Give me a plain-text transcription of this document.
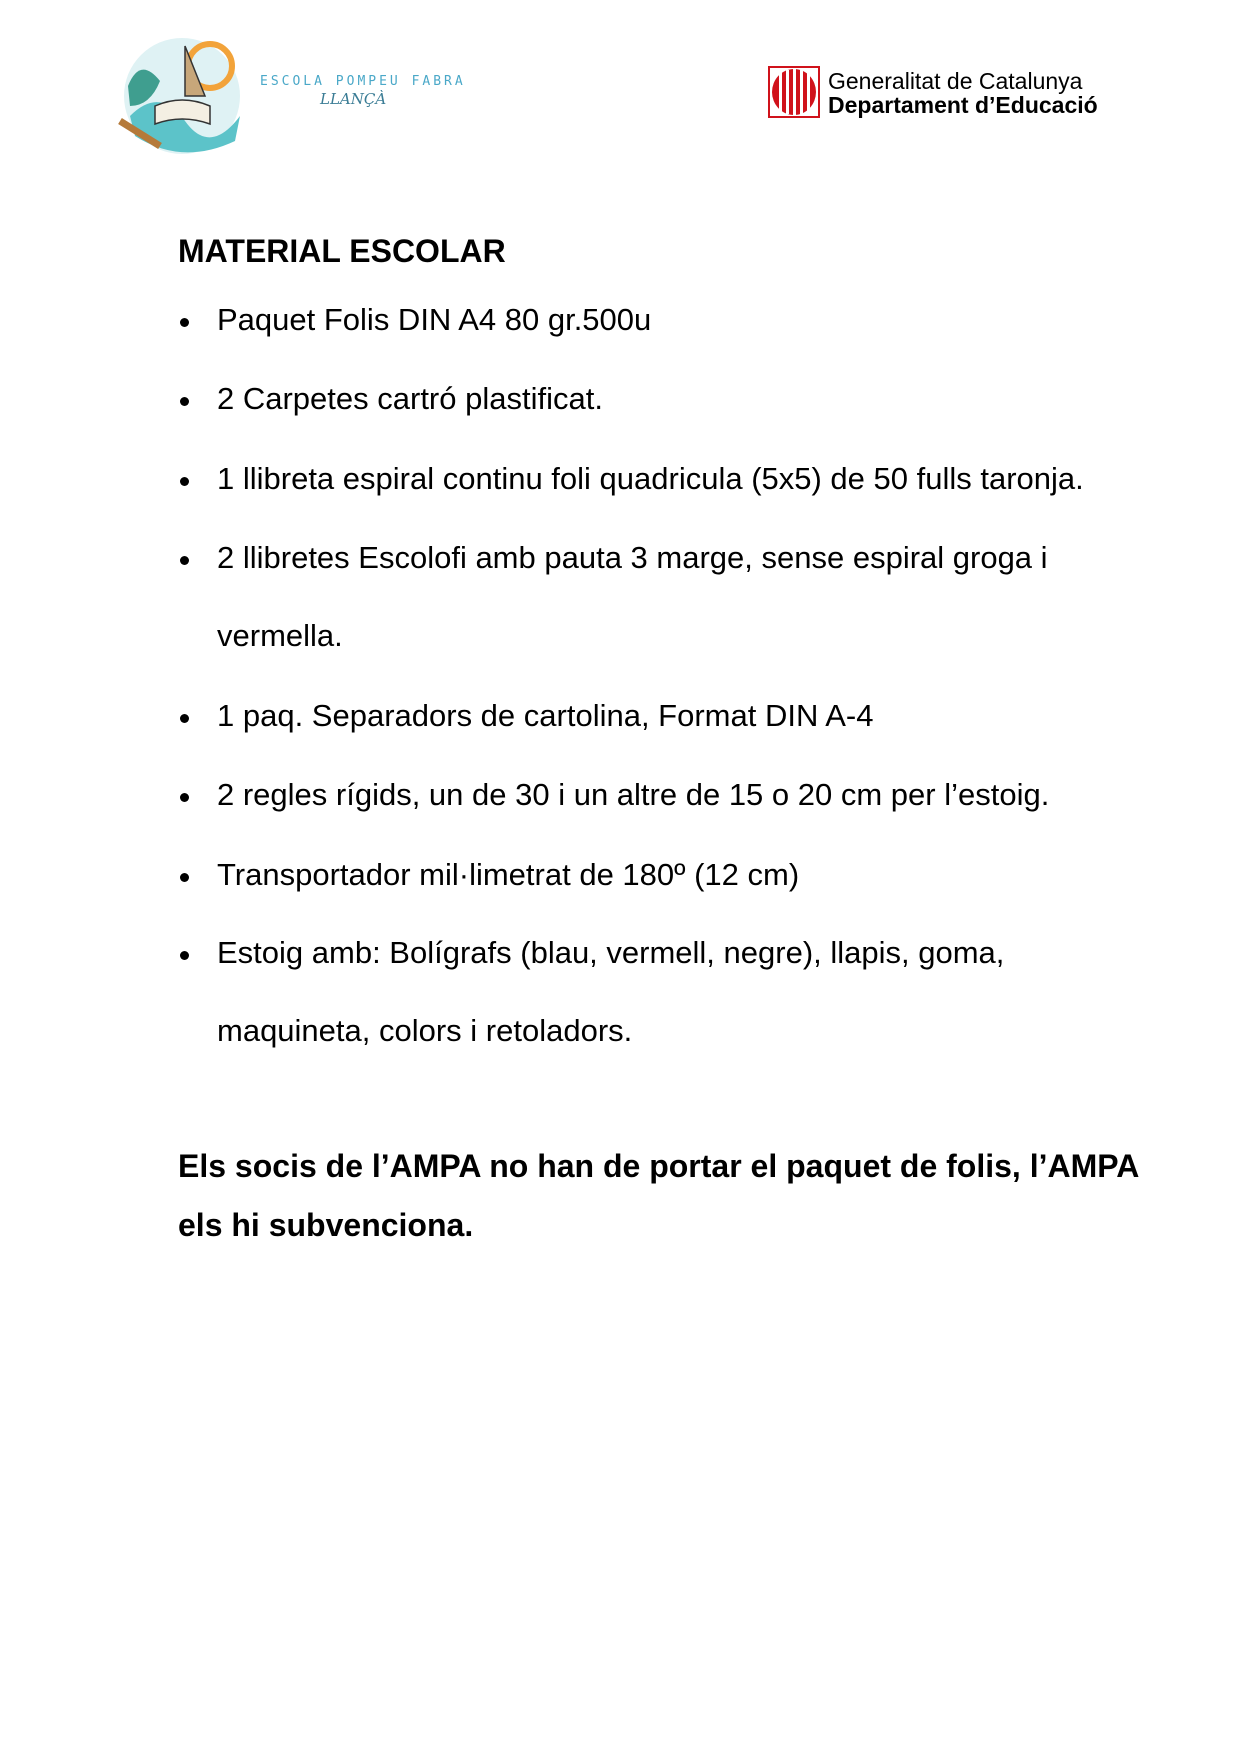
ESCOLA POMPEU FABRA
LLANÇÀ
Generalitat de Catalunya
Departament d’Educació
MATERIAL ESCOLAR
Paquet Folis DIN A4 80 gr.500u
2 Carpetes cartró plastificat.
1 llibreta espiral continu foli quadricula (5x5) de 50 fulls taronja.
2 llibretes Escolofi amb pauta 3 marge, sense espiral groga i
vermella.
1 paq. Separadors de cartolina, Format DIN A-4
2 regles rígids, un de 30 i un altre de 15 o 20 cm per l’estoig.
Transportador mil·limetrat de 180º (12 cm)
Estoig amb: Bolígrafs (blau, vermell, negre), llapis, goma,
maquineta, colors i retoladors.
Els socis de l’AMPA no han de portar el paquet de folis, l’AMPA
els hi subvenciona.
